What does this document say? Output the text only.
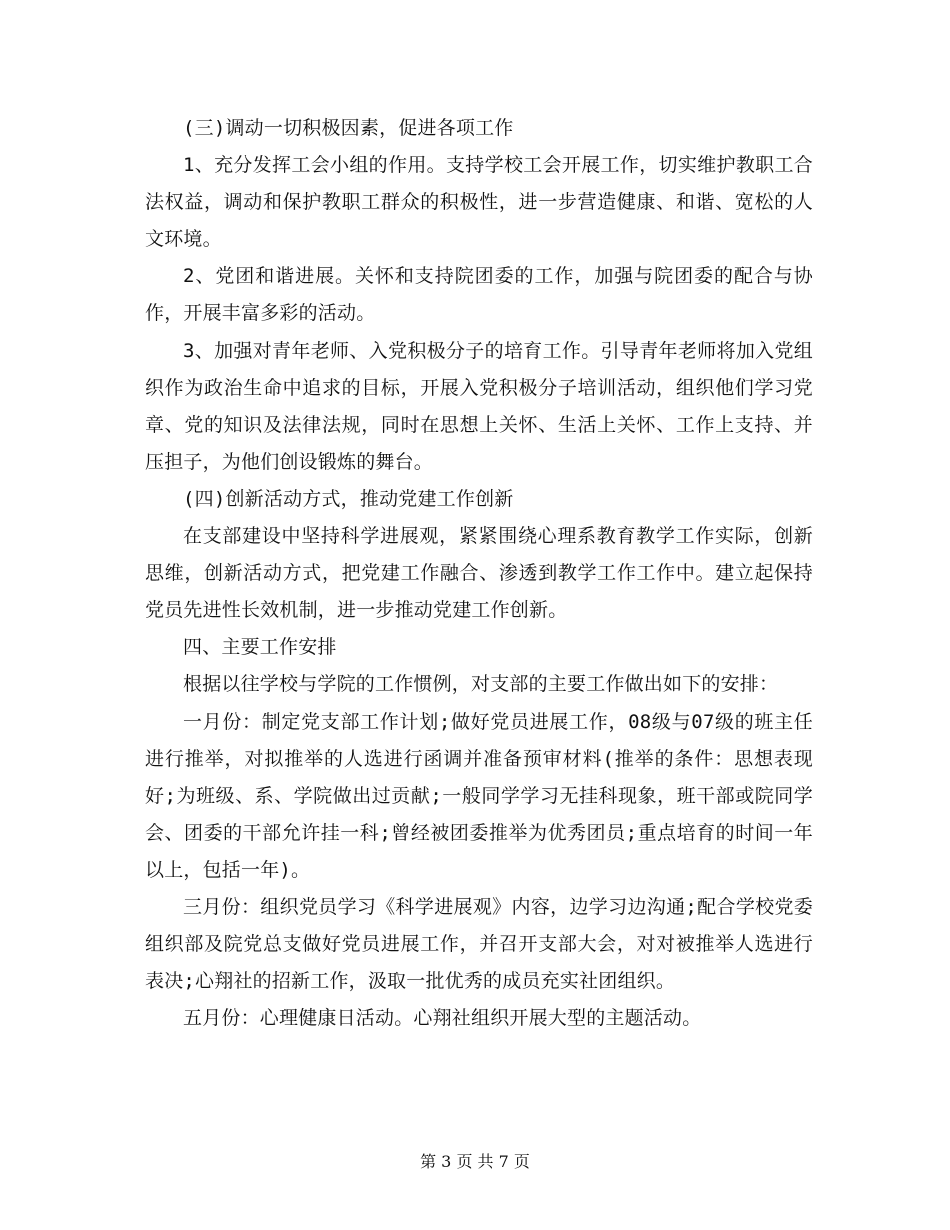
(三)调动一切积极因素，促进各项工作

1、充分发挥工会小组的作用。支持学校工会开展工作，切实维护教职工合法权益，调动和保护教职工群众的积极性，进一步营造健康、和谐、宽松的人文环境。

2、党团和谐进展。关怀和支持院团委的工作，加强与院团委的配合与协作，开展丰富多彩的活动。

3、加强对青年老师、入党积极分子的培育工作。引导青年老师将加入党组织作为政治生命中追求的目标，开展入党积极分子培训活动，组织他们学习党章、党的知识及法律法规，同时在思想上关怀、生活上关怀、工作上支持、并压担子，为他们创设锻炼的舞台。

(四)创新活动方式，推动党建工作创新

在支部建设中坚持科学进展观，紧紧围绕心理系教育教学工作实际，创新思维，创新活动方式，把党建工作融合、渗透到教学工作工作中。建立起保持党员先进性长效机制，进一步推动党建工作创新。

四、主要工作安排

根据以往学校与学院的工作惯例，对支部的主要工作做出如下的安排：

一月份：制定党支部工作计划;做好党员进展工作，08级与07级的班主任进行推举，对拟推举的人选进行函调并准备预审材料(推举的条件：思想表现好;为班级、系、学院做出过贡献;一般同学学习无挂科现象，班干部或院同学会、团委的干部允许挂一科;曾经被团委推举为优秀团员;重点培育的时间一年以上，包括一年)。

三月份：组织党员学习《科学进展观》内容，边学习边沟通;配合学校党委组织部及院党总支做好党员进展工作，并召开支部大会，对对被推举人选进行表决;心翔社的招新工作，汲取一批优秀的成员充实社团组织。

五月份：心理健康日活动。心翔社组织开展大型的主题活动。

第 3 页 共 7 页
